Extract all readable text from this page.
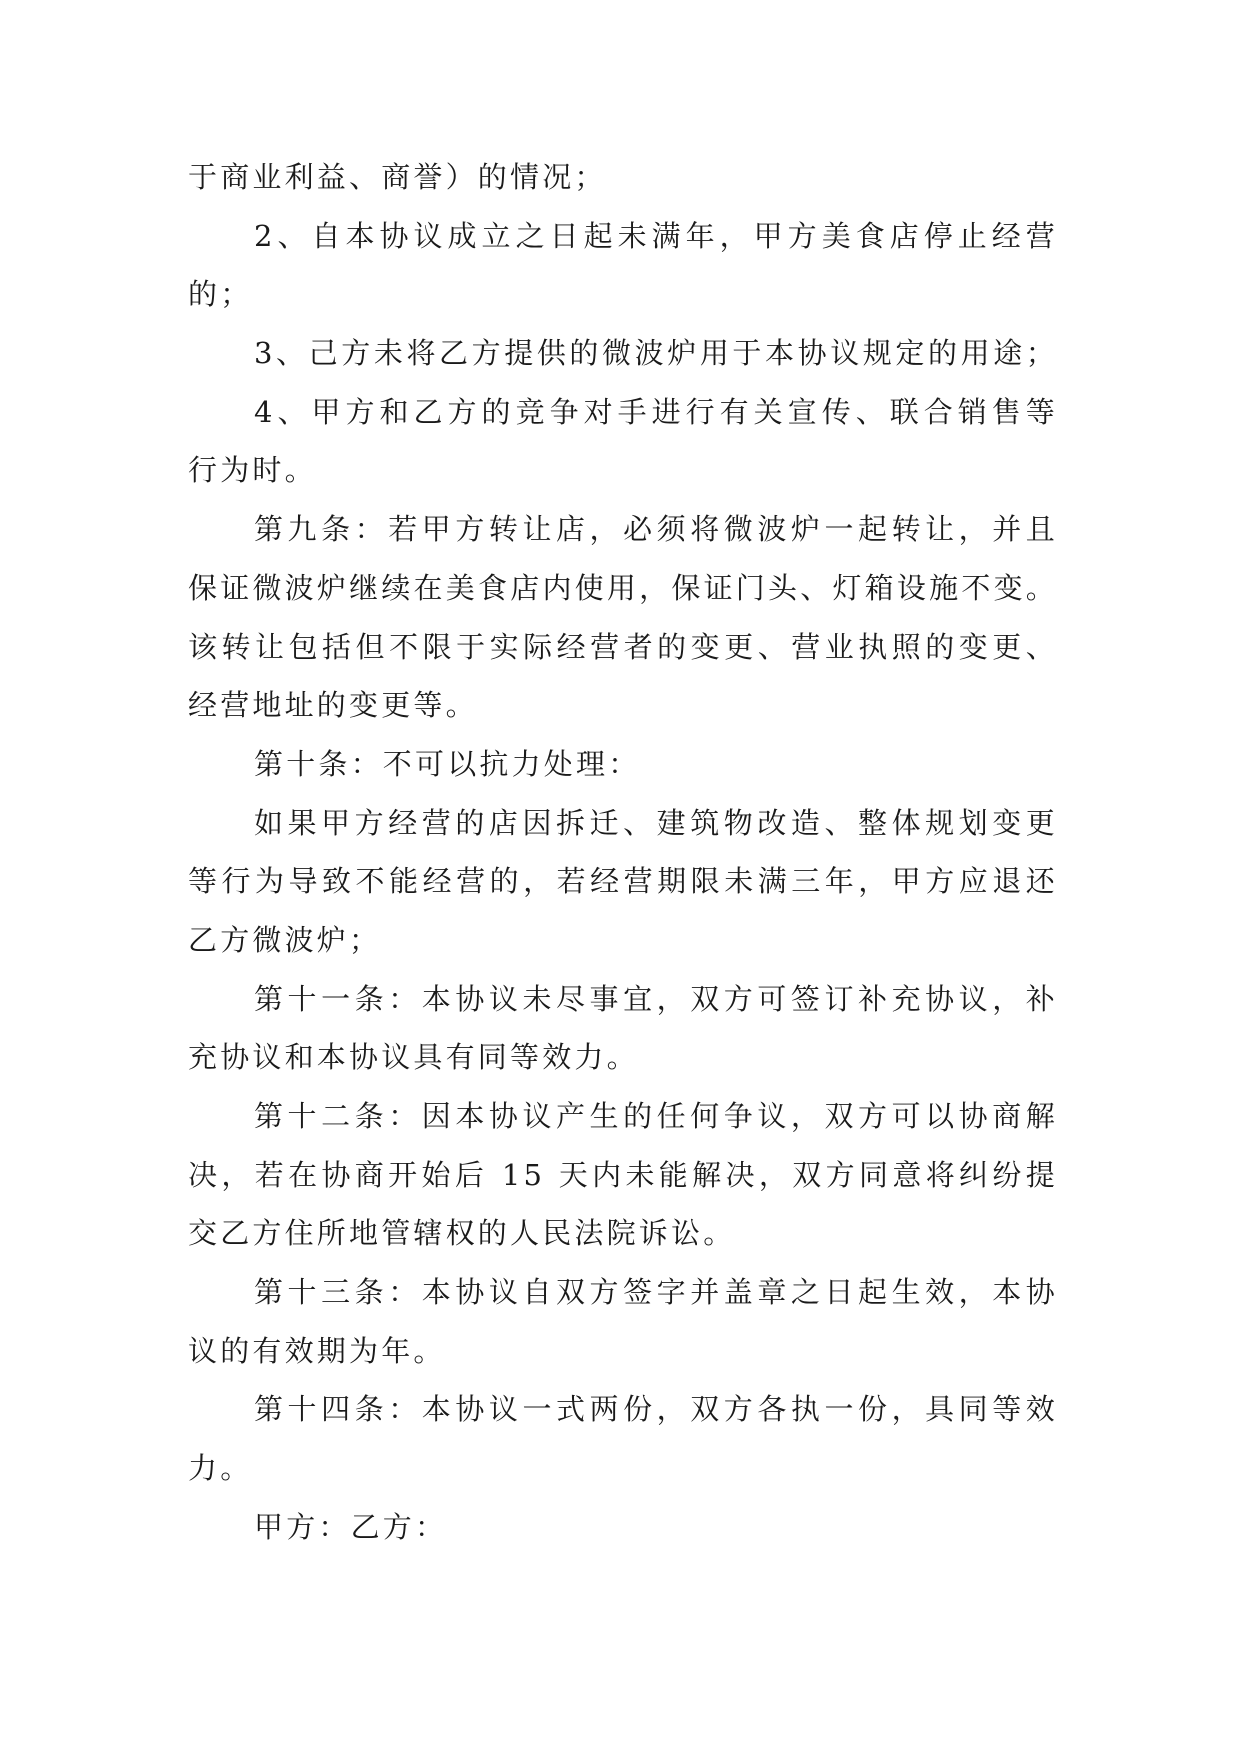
于商业利益、商誉）的情况；
2、自本协议成立之日起未满年，甲方美食店停止经营
的；
3、己方未将乙方提供的微波炉用于本协议规定的用途；
4、甲方和乙方的竞争对手进行有关宣传、联合销售等
行为时。
第九条：若甲方转让店，必须将微波炉一起转让，并且
保证微波炉继续在美食店内使用，保证门头、灯箱设施不变。
该转让包括但不限于实际经营者的变更、营业执照的变更、
经营地址的变更等。
第十条：不可以抗力处理：
如果甲方经营的店因拆迁、建筑物改造、整体规划变更
等行为导致不能经营的，若经营期限未满三年，甲方应退还
乙方微波炉；
第十一条：本协议未尽事宜，双方可签订补充协议，补
充协议和本协议具有同等效力。
第十二条：因本协议产生的任何争议，双方可以协商解
决，若在协商开始后 15 天内未能解决，双方同意将纠纷提
交乙方住所地管辖权的人民法院诉讼。
第十三条：本协议自双方签字并盖章之日起生效，本协
议的有效期为年。
第十四条：本协议一式两份，双方各执一份，具同等效
力。
甲方：乙方：
